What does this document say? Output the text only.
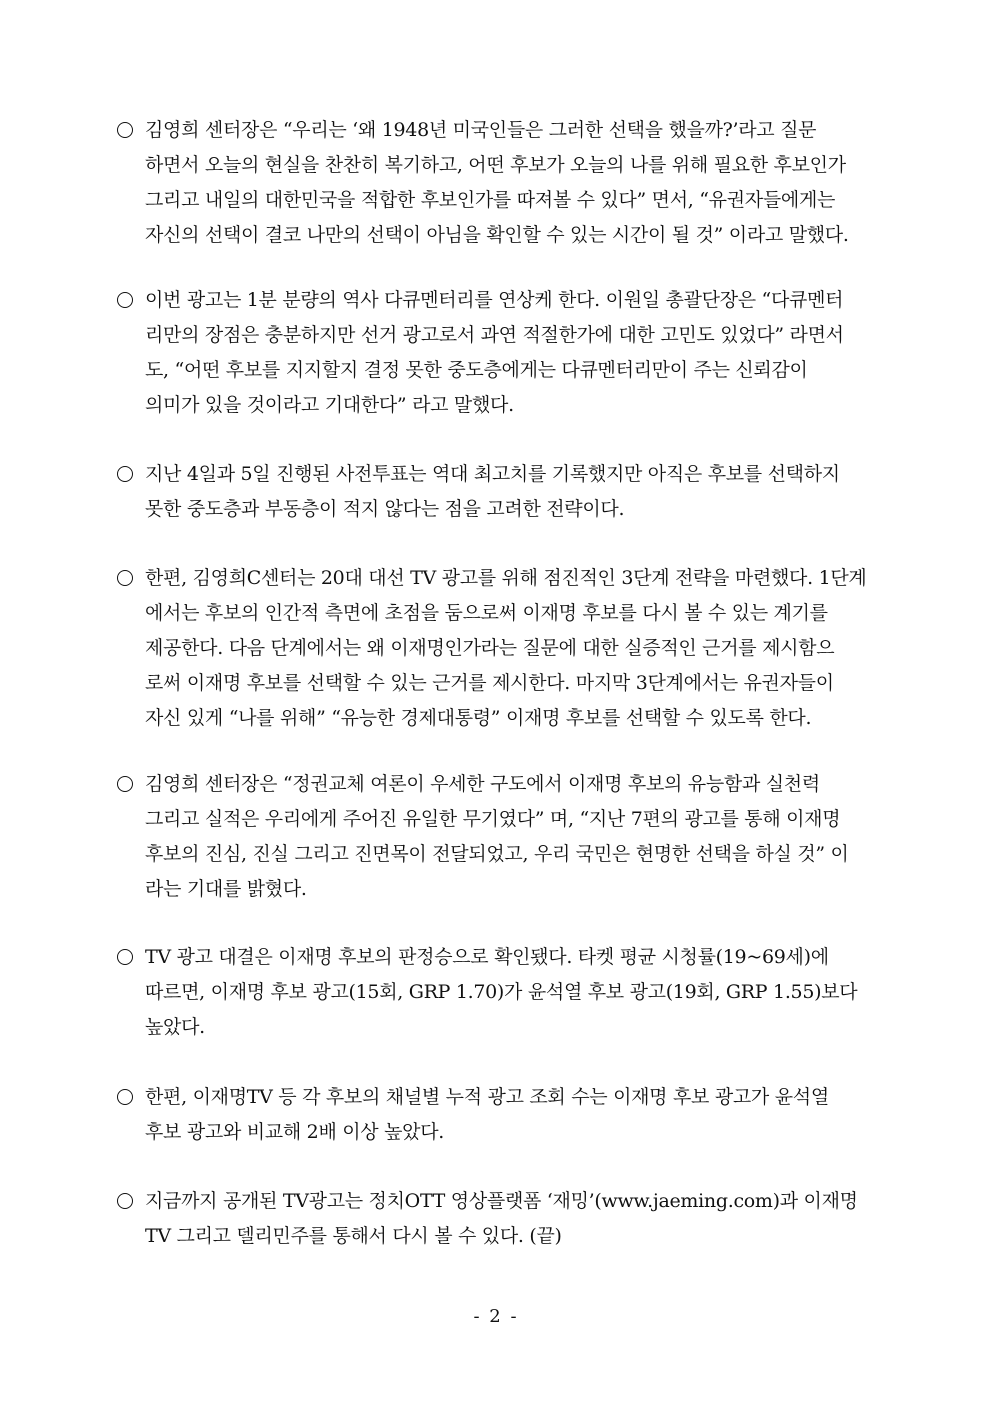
김영희 센터장은 “우리는 ‘왜 1948년 미국인들은 그러한 선택을 했을까?’라고 질문
하면서 오늘의 현실을 찬찬히 복기하고, 어떤 후보가 오늘의 나를 위해 필요한 후보인가
그리고 내일의 대한민국을 적합한 후보인가를 따져볼 수 있다” 면서, “유권자들에게는
자신의 선택이 결코 나만의 선택이 아님을 확인할 수 있는 시간이 될 것” 이라고 말했다.
이번 광고는 1분 분량의 역사 다큐멘터리를 연상케 한다. 이원일 총괄단장은 “다큐멘터
리만의 장점은 충분하지만 선거 광고로서 과연 적절한가에 대한 고민도 있었다” 라면서
도, “어떤 후보를 지지할지 결정 못한 중도층에게는 다큐멘터리만이 주는 신뢰감이
의미가 있을 것이라고 기대한다” 라고 말했다.
지난 4일과 5일 진행된 사전투표는 역대 최고치를 기록했지만 아직은 후보를 선택하지
못한 중도층과 부동층이 적지 않다는 점을 고려한 전략이다.
한편, 김영희C센터는 20대 대선 TV 광고를 위해 점진적인 3단계 전략을 마련했다. 1단계
에서는 후보의 인간적 측면에 초점을 둠으로써 이재명 후보를 다시 볼 수 있는 계기를
제공한다. 다음 단계에서는 왜 이재명인가라는 질문에 대한 실증적인 근거를 제시함으
로써 이재명 후보를 선택할 수 있는 근거를 제시한다. 마지막 3단계에서는 유권자들이
자신 있게 “나를 위해” “유능한 경제대통령” 이재명 후보를 선택할 수 있도록 한다.
김영희 센터장은 “정권교체 여론이 우세한 구도에서 이재명 후보의 유능함과 실천력
그리고 실적은 우리에게 주어진 유일한 무기였다” 며, “지난 7편의 광고를 통해 이재명
후보의 진심, 진실 그리고 진면목이 전달되었고, 우리 국민은 현명한 선택을 하실 것” 이
라는 기대를 밝혔다.
TV 광고 대결은 이재명 후보의 판정승으로 확인됐다. 타켓 평균 시청률(19~69세)에
따르면, 이재명 후보 광고(15회, GRP 1.70)가 윤석열 후보 광고(19회, GRP 1.55)보다
높았다.
한편, 이재명TV 등 각 후보의 채널별 누적 광고 조회 수는 이재명 후보 광고가 윤석열
후보 광고와 비교해 2배 이상 높았다.
지금까지 공개된 TV광고는 정치OTT 영상플랫폼 ‘재밍’(www.jaeming.com)과 이재명
TV 그리고 델리민주를 통해서 다시 볼 수 있다. (끝)
- 2 -
